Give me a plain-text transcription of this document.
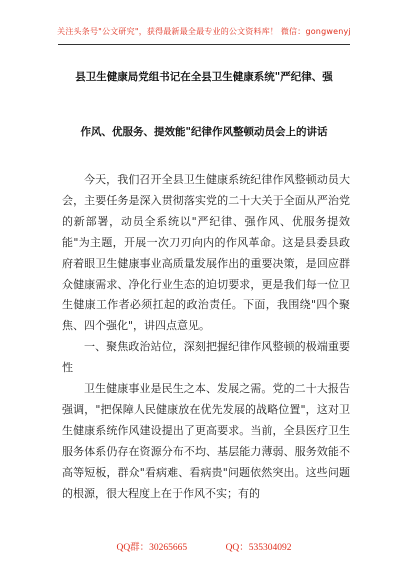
关注头条号"公文研究"，获得最新最全最专业的公文资料库！ 微信：gongwenyj
县卫生健康局党组书记在全县卫生健康系统"严纪律、强
作风、优服务、提效能"纪律作风整顿动员会上的讲话

今天，我们召开全县卫生健康系统纪律作风整顿动员大会，主要任务是深入贯彻落实党的二十大关于全面从严治党的新部署，动员全系统以"严纪律、强作风、优服务提效能"为主题，开展一次刀刃向内的作风革命。这是县委县政府着眼卫生健康事业高质量发展作出的重要决策，是回应群众健康需求、净化行业生态的迫切要求，更是我们每一位卫生健康工作者必须扛起的政治责任。下面，我围绕"四个聚焦、四个强化"，讲四点意见。

一、聚焦政治站位，深刻把握纪律作风整顿的极端重要性

卫生健康事业是民生之本、发展之需。党的二十大报告强调，"把保障人民健康放在优先发展的战略位置"，这对卫生健康系统作风建设提出了更高要求。当前，全县医疗卫生服务体系仍存在资源分布不均、基层能力薄弱、服务效能不高等短板，群众"看病难、看病贵"问题依然突出。这些问题的根源，很大程度上在于作风不实；有的

QQ群：30265665	QQ：535304092
